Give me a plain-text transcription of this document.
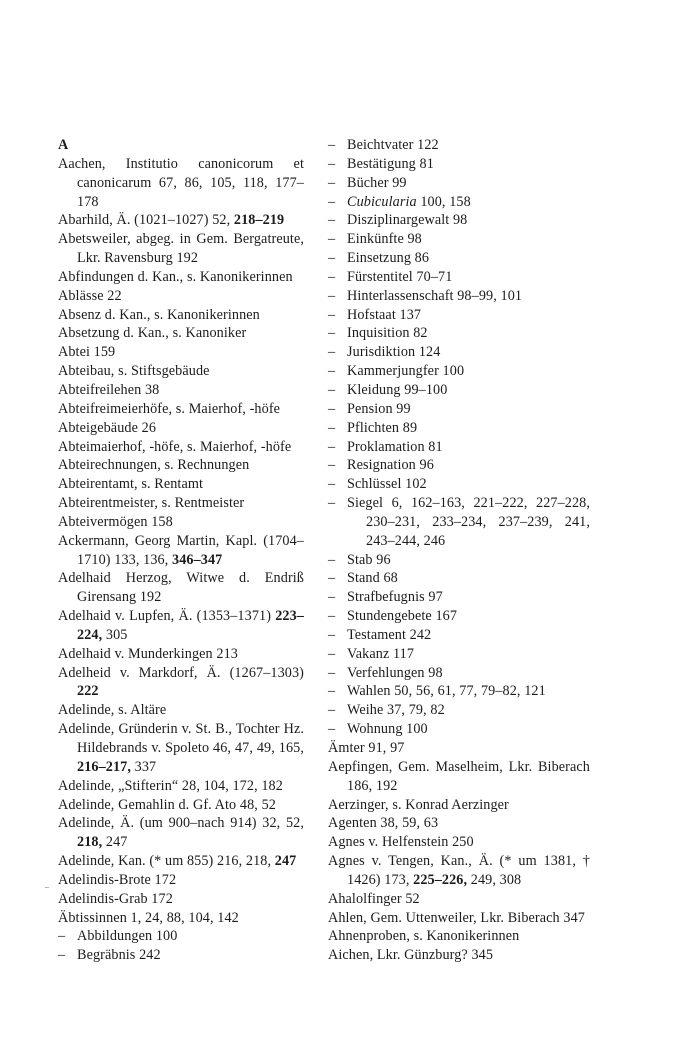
A
Aachen, Institutio canonicorum et canonicarum 67, 86, 105, 118, 177–178
Abarhild, Ä. (1021–1027) 52, 218–219
Abetsweiler, abgeg. in Gem. Bergatreute, Lkr. Ravensburg 192
Abfindungen d. Kan., s. Kanonikerinnen
Ablässe 22
Absenz d. Kan., s. Kanonikerinnen
Absetzung d. Kan., s. Kanoniker
Abtei 159
Abteibau, s. Stiftsgebäude
Abteifreilehen 38
Abteifreimeierhöfe, s. Maierhof, -höfe
Abteigebäude 26
Abteimaierhof, -höfe, s. Maierhof, -höfe
Abteirechnungen, s. Rechnungen
Abteirentamt, s. Rentamt
Abteirentmeister, s. Rentmeister
Abteivermögen 158
Ackermann, Georg Martin, Kapl. (1704–1710) 133, 136, 346–347
Adelhaid Herzog, Witwe d. Endriß Girensang 192
Adelhaid v. Lupfen, Ä. (1353–1371) 223–224, 305
Adelhaid v. Munderkingen 213
Adelheid v. Markdorf, Ä. (1267–1303) 222
Adelinde, s. Altäre
Adelinde, Gründerin v. St. B., Tochter Hz. Hildebrands v. Spoleto 46, 47, 49, 165, 216–217, 337
Adelinde, „Stifterin“ 28, 104, 172, 182
Adelinde, Gemahlin d. Gf. Ato 48, 52
Adelinde, Ä. (um 900–nach 914) 32, 52, 218, 247
Adelinde, Kan. (* um 855) 216, 218, 247
Adelindis-Brote 172
Adelindis-Grab 172
Äbtissinnen 1, 24, 88, 104, 142
– Abbildungen 100
– Begräbnis 242
– Beichtvater 122
– Bestätigung 81
– Bücher 99
– Cubicularia 100, 158
– Disziplinargewalt 98
– Einkünfte 98
– Einsetzung 86
– Fürstentitel 70–71
– Hinterlassenschaft 98–99, 101
– Hofstaat 137
– Inquisition 82
– Jurisdiktion 124
– Kammerjungfer 100
– Kleidung 99–100
– Pension 99
– Pflichten 89
– Proklamation 81
– Resignation 96
– Schlüssel 102
– Siegel 6, 162–163, 221–222, 227–228, 230–231, 233–234, 237–239, 241, 243–244, 246
– Stab 96
– Stand 68
– Strafbefugnis 97
– Stundengebete 167
– Testament 242
– Vakanz 117
– Verfehlungen 98
– Wahlen 50, 56, 61, 77, 79–82, 121
– Weihe 37, 79, 82
– Wohnung 100
Ämter 91, 97
Aepfingen, Gem. Maselheim, Lkr. Biberach 186, 192
Aerzinger, s. Konrad Aerzinger
Agenten 38, 59, 63
Agnes v. Helfenstein 250
Agnes v. Tengen, Kan., Ä. (* um 1381, † 1426) 173, 225–226, 249, 308
Ahalolfinger 52
Ahlen, Gem. Uttenweiler, Lkr. Biberach 347
Ahnenproben, s. Kanonikerinnen
Aichen, Lkr. Günzburg? 345
